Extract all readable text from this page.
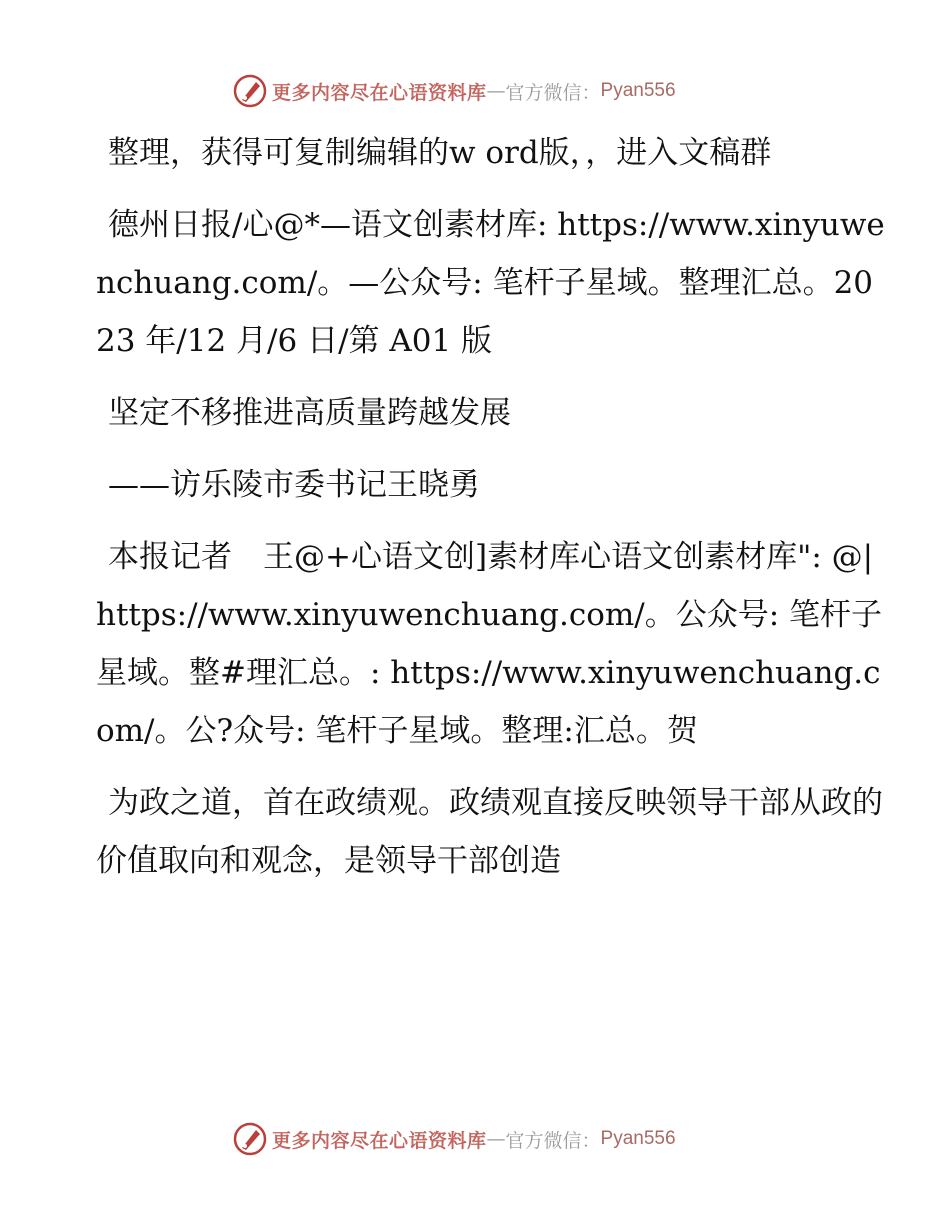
更多内容尽在心语资料库 — 官方微信： Pyan556

整理，获得可复制编辑的w ord版，，进入文稿群

德州日报/心@*—语文创素材库: https://www.xinyuwenchuang.com/。—公众号: 笔杆子星域。整理汇总。2023 年/12 月/6 日/第 A01 版

坚定不移推进高质量跨越发展

——访乐陵市委书记王晓勇

本报记者　王@+心语文创]素材库心语文创素材库": @|https://www.xinyuwenchuang.com/。公众号: 笔杆子星域。整#理汇总。: https://www.xinyuwenchuang.com/。公?众号: 笔杆子星域。整理:汇总。贺

为政之道，首在政绩观。政绩观直接反映领导干部从政的价值取向和观念，是领导干部创造

更多内容尽在心语资料库 — 官方微信： Pyan556
